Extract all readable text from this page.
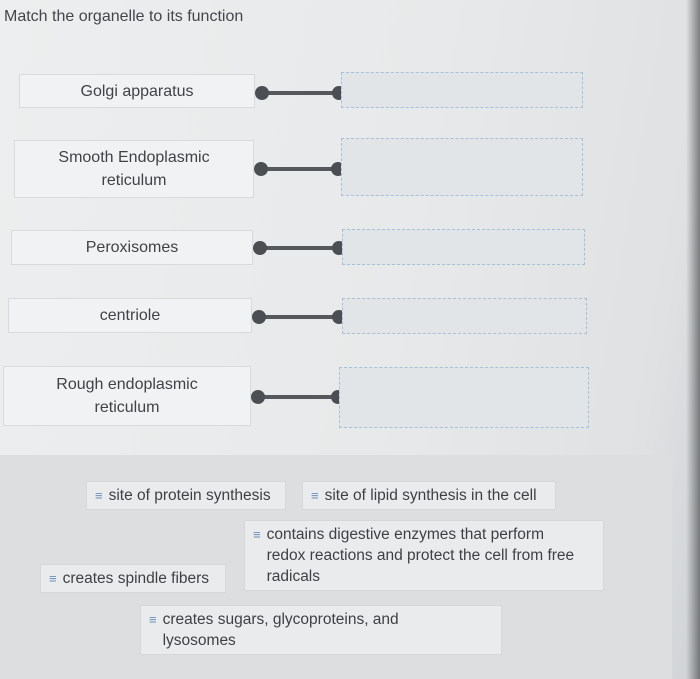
Match the organelle to its function
Golgi apparatus
Smooth Endoplasmic
reticulum
Peroxisomes
centriole
Rough endoplasmic
reticulum
≡ site of protein synthesis	≡ site of lipid synthesis in the cell
≡ contains digestive enzymes that perform
redox reactions and protect the cell from free
radicals
≡ creates spindle fibers
≡ creates sugars, glycoproteins, and
lysosomes
